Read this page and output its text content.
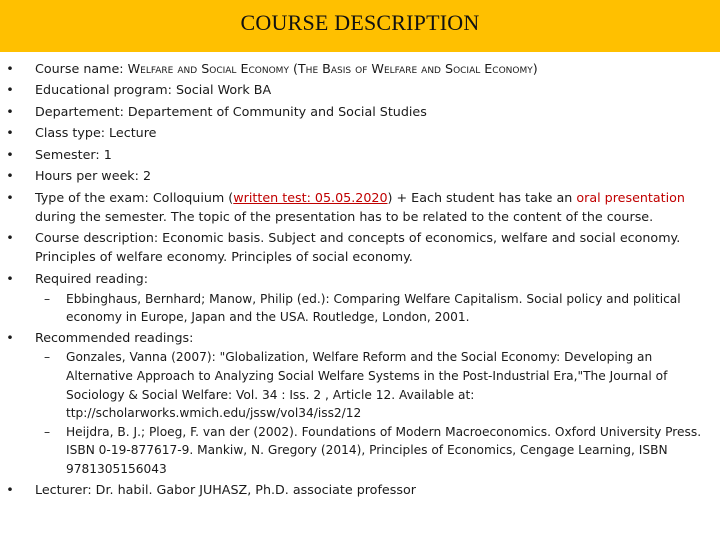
COURSE DESCRIPTION
• Course name: Welfare and Social Economy (The Basis of Welfare and Social Economy)
• Educational program: Social Work BA
• Departement: Departement of Community and Social Studies
• Class type: Lecture
• Semester: 1
• Hours per week: 2
• Type of the exam: Colloquium (written test: 05.05.2020) + Each student has take an oral presentation during the semester. The topic of the presentation has to be related to the content of the course.
• Course description: Economic basis. Subject and concepts of economics, welfare and social economy. Principles of welfare economy. Principles of social economy.
• Required reading:
– Ebbinghaus, Bernhard; Manow, Philip (ed.): Comparing Welfare Capitalism. Social policy and political economy in Europe, Japan and the USA. Routledge, London, 2001.
• Recommended readings:
– Gonzales, Vanna (2007): "Globalization, Welfare Reform and the Social Economy: Developing an Alternative Approach to Analyzing Social Welfare Systems in the Post-Industrial Era,"The Journal of Sociology & Social Welfare: Vol. 34 : Iss. 2 , Article 12. Available at: ttp://scholarworks.wmich.edu/jssw/vol34/iss2/12
– Heijdra, B. J.; Ploeg, F. van der (2002). Foundations of Modern Macroeconomics. Oxford University Press. ISBN 0-19-877617-9. Mankiw, N. Gregory (2014), Principles of Economics, Cengage Learning, ISBN 9781305156043
• Lecturer: Dr. habil. Gabor JUHASZ, Ph.D. associate professor
